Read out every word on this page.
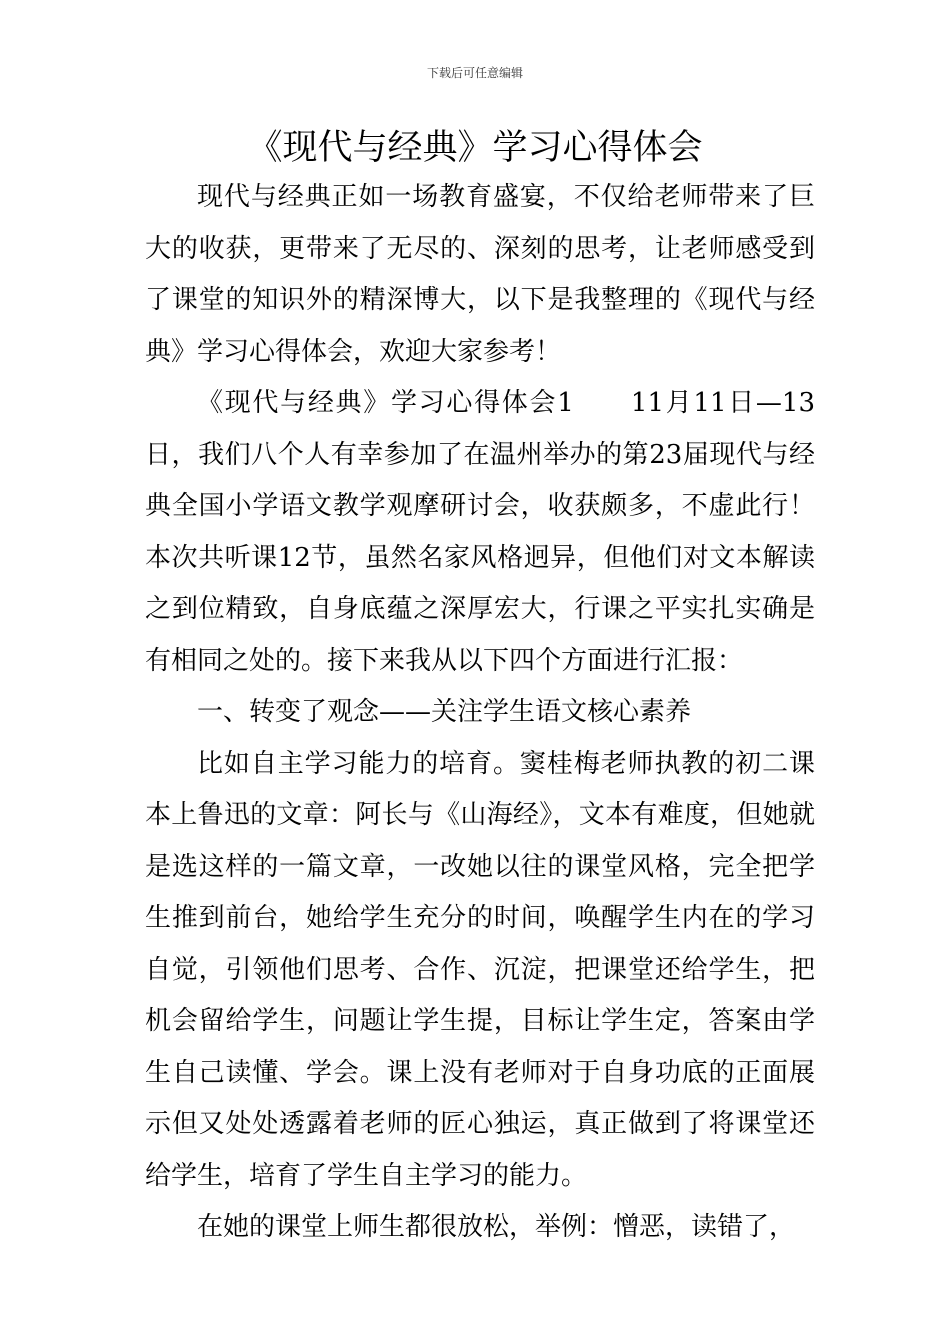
下载后可任意编辑
《现代与经典》学习心得体会

现代与经典正如一场教育盛宴，不仅给老师带来了巨大的收获，更带来了无尽的、深刻的思考，让老师感受到了课堂的知识外的精深博大，以下是我整理的《现代与经典》学习心得体会，欢迎大家参考！

《现代与经典》学习心得体会1　　11月11日—13日，我们八个人有幸参加了在温州举办的第23届现代与经典全国小学语文教学观摩研讨会，收获颇多，不虚此行！本次共听课12节，虽然名家风格迥异，但他们对文本解读之到位精致，自身底蕴之深厚宏大，行课之平实扎实确是有相同之处的。接下来我从以下四个方面进行汇报：

一、转变了观念——关注学生语文核心素养

比如自主学习能力的培育。窦桂梅老师执教的初二课本上鲁迅的文章：阿长与《山海经》，文本有难度，但她就是选这样的一篇文章，一改她以往的课堂风格，完全把学生推到前台，她给学生充分的时间，唤醒学生内在的学习自觉，引领他们思考、合作、沉淀，把课堂还给学生，把机会留给学生，问题让学生提，目标让学生定，答案由学生自己读懂、学会。课上没有老师对于自身功底的正面展示但又处处透露着老师的匠心独运，真正做到了将课堂还给学生，培育了学生自主学习的能力。

在她的课堂上师生都很放松，举例：憎恶，读错了，
